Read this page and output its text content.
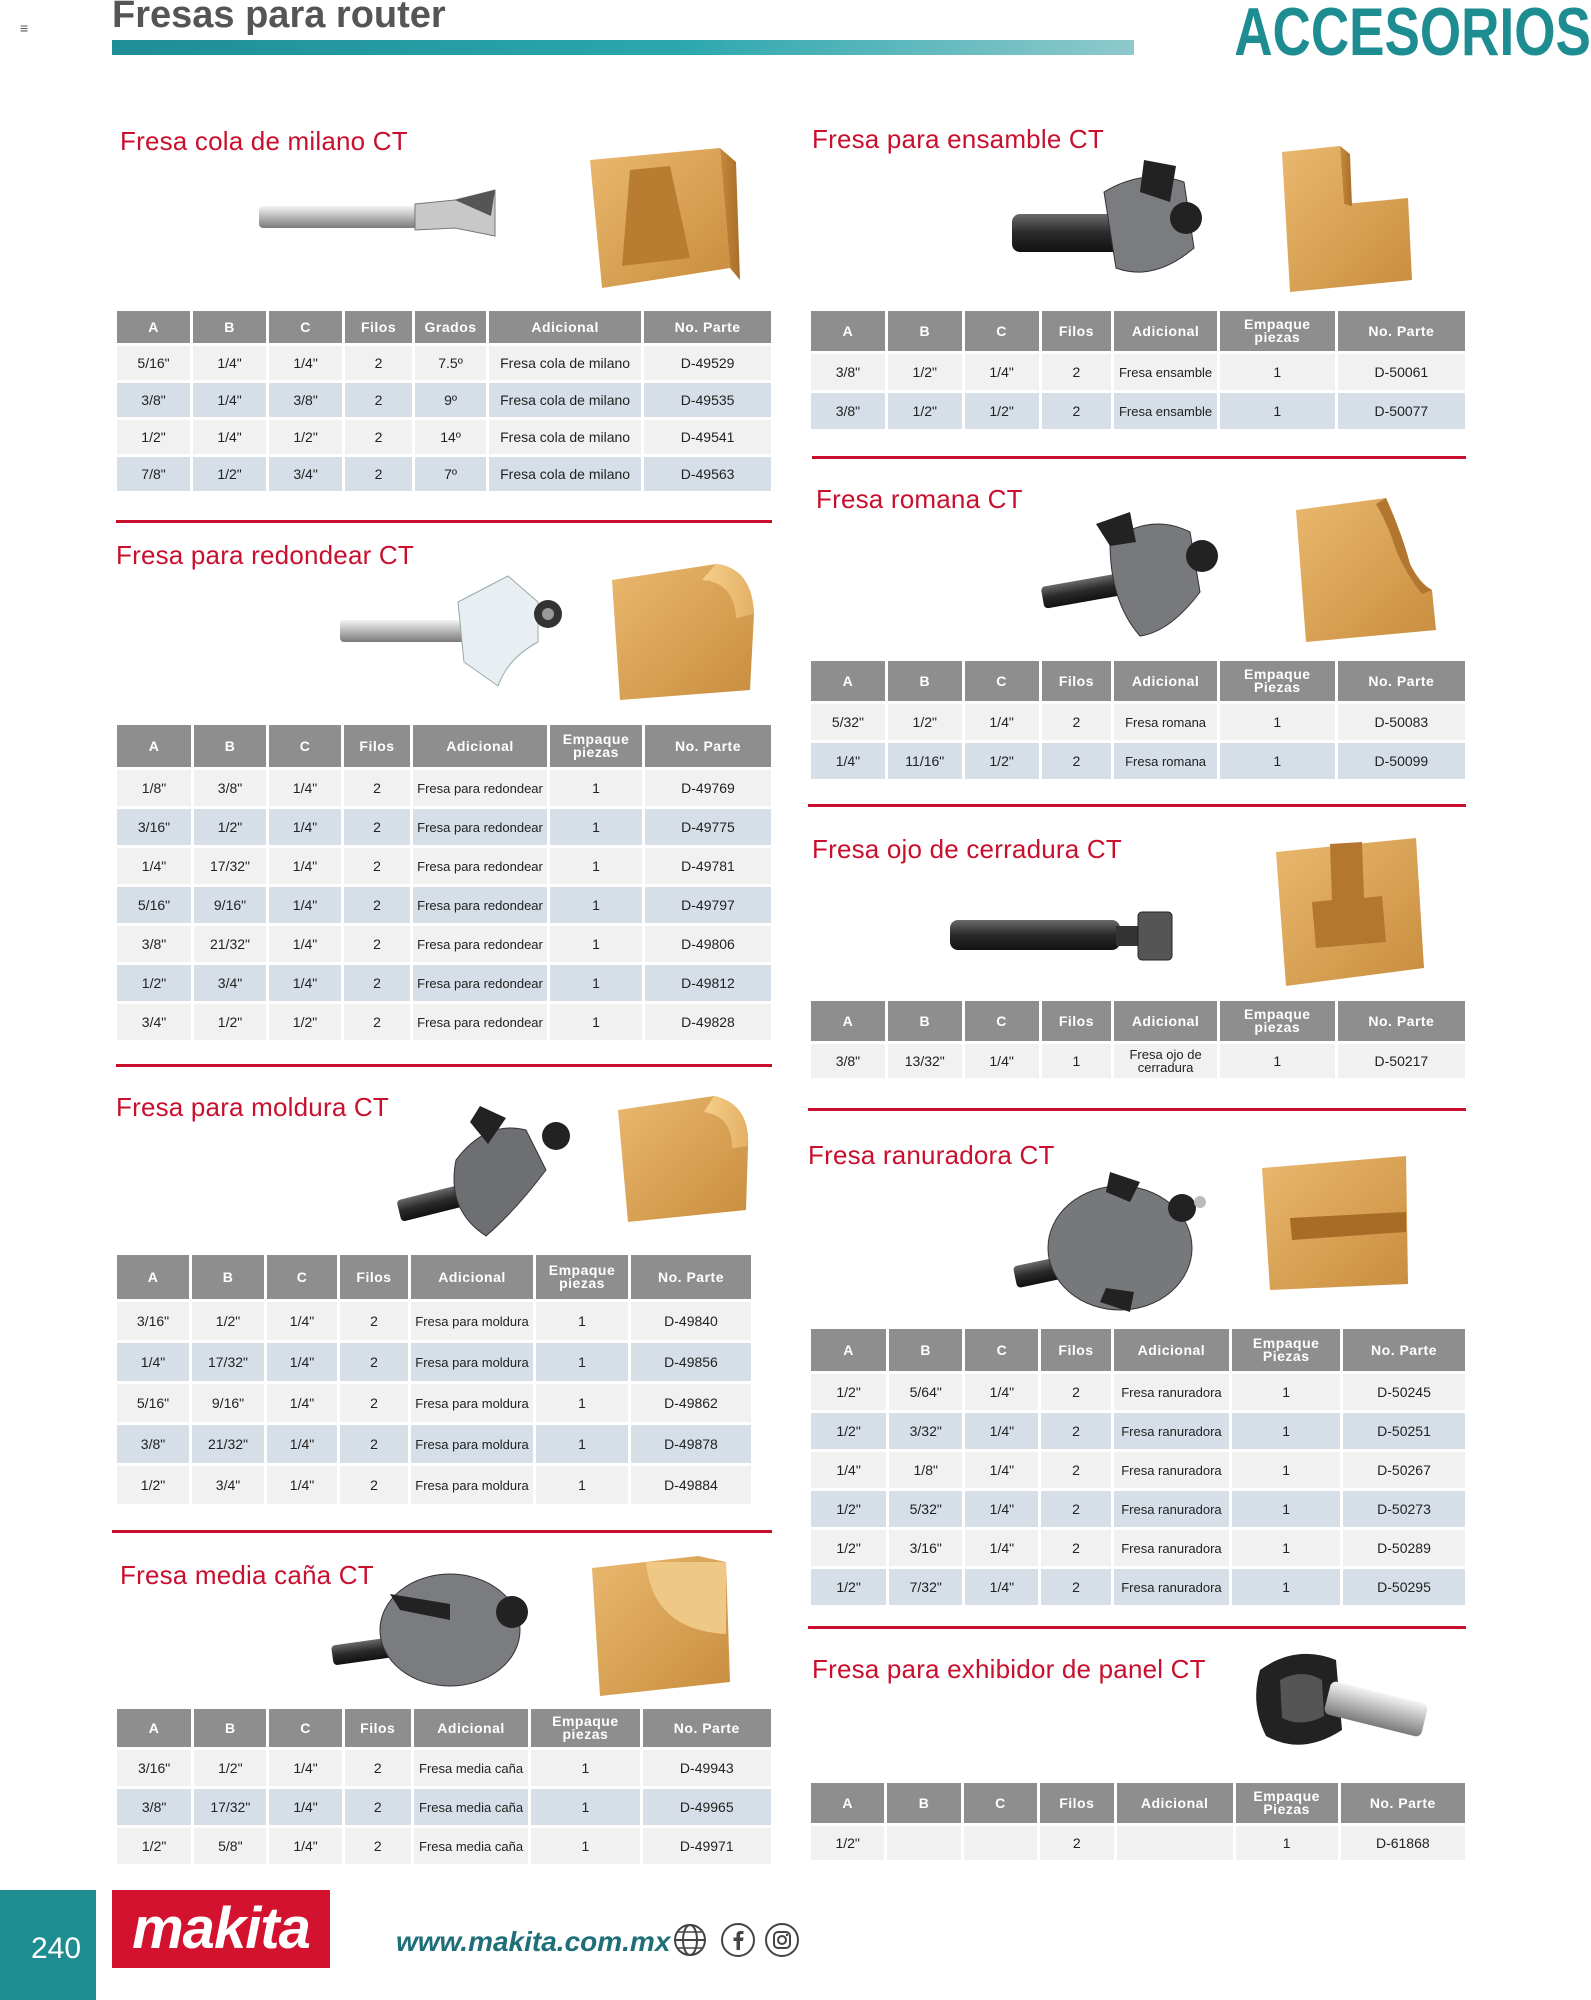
≡ Fresas para router	ACCESORIOS
Fresa cola de milano CT
A	B	C	Filos	Grados	Adicional	No. Parte
5/16"	1/4"	1/4"	2	7.5º	Fresa cola de milano	D-49529
3/8"	1/4"	3/8"	2	9º	Fresa cola de milano	D-49535
1/2"	1/4"	1/2"	2	14º	Fresa cola de milano	D-49541
7/8"	1/2"	3/4"	2	7º	Fresa cola de milano	D-49563
Fresa para redondear CT
A	B	C	Filos	Adicional	Empaque piezas	No. Parte
1/8"	3/8"	1/4"	2	Fresa para redondear	1	D-49769
3/16"	1/2"	1/4"	2	Fresa para redondear	1	D-49775
1/4"	17/32"	1/4"	2	Fresa para redondear	1	D-49781
5/16"	9/16"	1/4"	2	Fresa para redondear	1	D-49797
3/8"	21/32"	1/4"	2	Fresa para redondear	1	D-49806
1/2"	3/4"	1/4"	2	Fresa para redondear	1	D-49812
3/4"	1/2"	1/2"	2	Fresa para redondear	1	D-49828
Fresa para moldura CT
A	B	C	Filos	Adicional	Empaque piezas	No. Parte
3/16"	1/2"	1/4"	2	Fresa para moldura	1	D-49840
1/4"	17/32"	1/4"	2	Fresa para moldura	1	D-49856
5/16"	9/16"	1/4"	2	Fresa para moldura	1	D-49862
3/8"	21/32"	1/4"	2	Fresa para moldura	1	D-49878
1/2"	3/4"	1/4"	2	Fresa para moldura	1	D-49884
Fresa media caña CT
A	B	C	Filos	Adicional	Empaque piezas	No. Parte
3/16"	1/2"	1/4"	2	Fresa media caña	1	D-49943
3/8"	17/32"	1/4"	2	Fresa media caña	1	D-49965
1/2"	5/8"	1/4"	2	Fresa media caña	1	D-49971
Fresa para ensamble CT
A	B	C	Filos	Adicional	Empaque piezas	No. Parte
3/8"	1/2"	1/4"	2	Fresa ensamble	1	D-50061
3/8"	1/2"	1/2"	2	Fresa ensamble	1	D-50077
Fresa romana CT
A	B	C	Filos	Adicional	Empaque Piezas	No. Parte
5/32"	1/2"	1/4"	2	Fresa romana	1	D-50083
1/4"	11/16"	1/2"	2	Fresa romana	1	D-50099
Fresa ojo de cerradura CT
A	B	C	Filos	Adicional	Empaque piezas	No. Parte
3/8"	13/32"	1/4"	1	Fresa ojo de cerradura	1	D-50217
Fresa ranuradora CT
A	B	C	Filos	Adicional	Empaque Piezas	No. Parte
1/2"	5/64"	1/4"	2	Fresa ranuradora	1	D-50245
1/2"	3/32"	1/4"	2	Fresa ranuradora	1	D-50251
1/4"	1/8"	1/4"	2	Fresa ranuradora	1	D-50267
1/2"	5/32"	1/4"	2	Fresa ranuradora	1	D-50273
1/2"	3/16"	1/4"	2	Fresa ranuradora	1	D-50289
1/2"	7/32"	1/4"	2	Fresa ranuradora	1	D-50295
Fresa para exhibidor de panel CT
A	B	C	Filos	Adicional	Empaque Piezas	No. Parte
1/2"			2		1	D-61868
240 makita	www.makita.com.mx
